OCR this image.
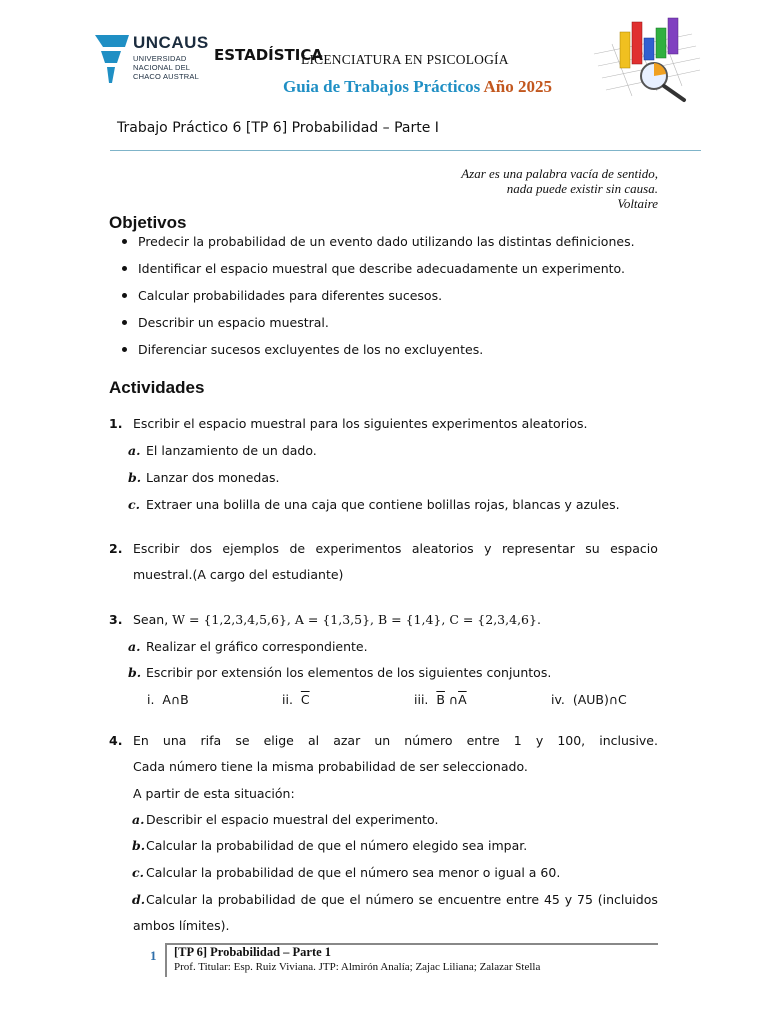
UNCAUS
UNIVERSIDAD
NACIONAL DEL
CHACO AUSTRAL
ESTADÍSTICA
LICENCIATURA EN PSICOLOGÍA
Guia de Trabajos Prácticos Año 2025
Trabajo Práctico 6 [TP 6] Probabilidad – Parte I
Azar es una palabra vacía de sentido,
nada puede existir sin causa.
Voltaire
Objetivos
Predecir la probabilidad de un evento dado utilizando las distintas definiciones.
Identificar el espacio muestral que describe adecuadamente un experimento.
Calcular probabilidades para diferentes sucesos.
Describir un espacio muestral.
Diferenciar sucesos excluyentes de los no excluyentes.
Actividades
1. Escribir el espacio muestral para los siguientes experimentos aleatorios.
a. El lanzamiento de un dado.
b. Lanzar dos monedas.
c. Extraer una bolilla de una caja que contiene bolillas rojas, blancas y azules.
2. Escribir dos ejemplos de experimentos aleatorios y representar su espacio
muestral.(A cargo del estudiante)
3. Sean, W = {1,2,3,4,5,6}, A = {1,3,5}, B = {1,4}, C = {2,3,4,6}.
a. Realizar el gráfico correspondiente.
b. Escribir por extensión los elementos de los siguientes conjuntos.
i. A∩B	ii. $\overline{C}$	iii. $\overline{B}$ $\cap\overline{A}$	iv. (AUB)∩C
4. En una rifa se elige al azar un número entre 1 y 100, inclusive.
Cada número tiene la misma probabilidad de ser seleccionado.
A partir de esta situación:
a. Describir el espacio muestral del experimento.
b. Calcular la probabilidad de que el número elegido sea impar.
c. Calcular la probabilidad de que el número sea menor o igual a 60.
d. Calcular la probabilidad de que el número se encuentre entre 45 y 75 (incluidos
ambos límites).
1 [TP 6] Probabilidad – Parte 1
Prof. Titular: Esp. Ruiz Viviana. JTP: Almirón Analía; Zajac Liliana; Zalazar Stella
